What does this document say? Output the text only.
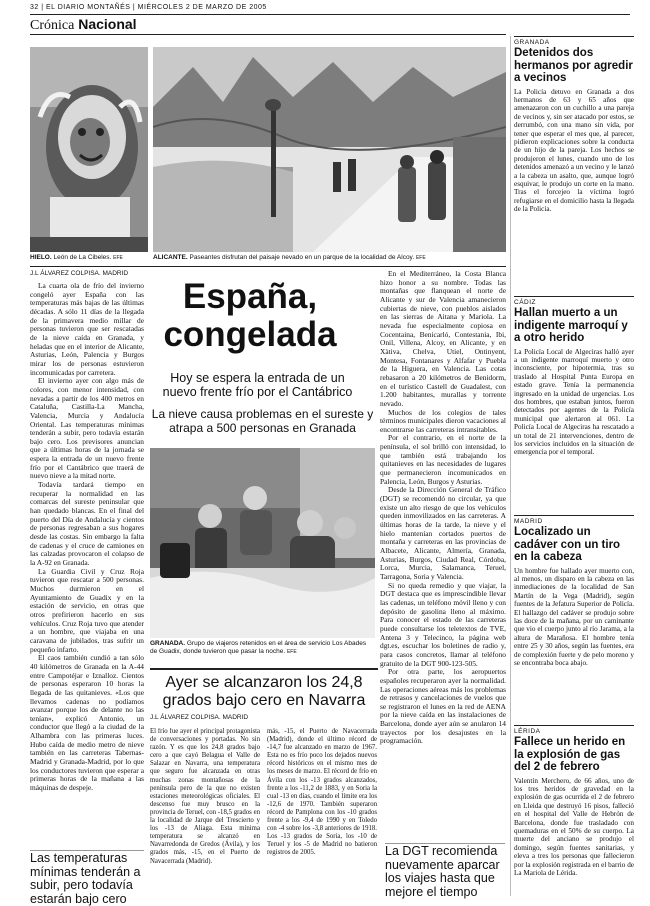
32 | EL DIARIO MONTAÑÉS | MIÉRCOLES 2 DE MARZO DE 2005
Crónica Nacional
HIELO. León de La Cibeles. EFE	ALICANTE. Paseantes disfrutan del paisaje nevado en un parque de la localidad de Alcoy. EFE
J.L ÁLVAREZ COLPISA. MADRID
España,
congelada
Hoy se espera la entrada de un nuevo frente frío por el Cantábrico
La nieve causa problemas en el sureste y atrapa a 500 personas en Granada
GRANADA. Grupo de viajeros retenidos en el área de servicio Los Abades de Guadix, donde tuvieron que pasar la noche. EFE

La cuarta ola de frío del invierno congeló ayer España con las temperaturas más bajas de las últimas décadas. A sólo 11 días de la llegada de la primavera medio millar de personas tuvieron que ser rescatadas de la nieve caída en Granada, y heladas que en el interior de Alicante, Asturias, León, Palencia y Burgos mirar los de personas estuvieron incomunicadas por carretera.

El invierno ayer con algo más de colores, con menor intensidad, con nevadas a partir de los 400 metros en Cataluña, Castilla-La Mancha, Valencia, Murcia y Andalucía Oriental. Las temperaturas mínimas tenderán a subir, pero todavía estarán bajo cero. Los previsores anuncian que a últimas horas de la jornada se espera la entrada de un nuevo frente frío por el Cantábrico que traerá de nuevo nieve a la mitad norte.

Todavía tardará tiempo en recuperar la normalidad en las comarcas del sureste peninsular que han quedado blancas. En el final del puerto del Día de Andalucía y cientos de personas regresaban a sus hogares desde las costas. Sin embargo la falta de cadenas y el cruce de camiones en las calzadas provocaron el colapso de la A-92 en Granada.

La Guardia Civil y Cruz Roja tuvieron que rescatar a 500 personas. Muchos durmieron en el Ayuntamiento de Guadix y en la estación de servicio, en otras que otros prefirieron hacerlo en sus vehículos. Cruz Roja tuvo que atender a un hombre, que viajaba en una caravana de jubilados, tras sufrir un pequeño infarto.

El caos también cundió a tan sólo 40 kilómetros de Granada en la A-44 entre Campotéjar e Iznalloz. Cientos de personas esperaron 10 horas la llegada de las quitanieves. «Los que llevamos cadenas no podíamos avanzar porque los de delante no las tenían», explicó Antonio, un conductor que llegó a la ciudad de la Alhambra con las primeras luces. Hubo caída de medio metro de nieve también en las carreteras Tabernas-Madrid y Granada-Madrid, por lo que los conductores tuvieron que esperar a primeras horas de la mañana a las máquinas de despeje.

Las temperaturas mínimas tenderán a subir, pero todavía estarán bajo cero

En el Mediterráneo, la Costa Blanca hizo honor a su nombre. Todas las montañas que flanquean el norte de Alicante y sur de Valencia amanecieron cubiertas de nieve, con pueblos aislados en las sierras de Aitana y Mariola. La nevada fue especialmente copiosa en Cocentaina, Benicarló, Contestania, Ibi, Onil, Villena, Alcoy, en Alicante, y en Xàtiva, Chelva, Utiel, Ontinyent, Montesa, Fontanares y Alfafar y Puebla de la Higuera, en Valencia. Las cotas rebasaron a 20 kilómetros de Benidorm, en el turístico Castell de Guadalest, con 1.200 habitantes, murallas y torrente nevado.

Muchos de los colegios de tales términos municipales dieron vacaciones al encontrarse las carreteras intransitables.

Por el contrario, en el norte de la península, el sol brilló con intensidad, lo que también está trabajando los quitanieves en las necesidades de lugares que permanecieron incomunicados en Palencia, León, Burgos y Asturias.

Desde la Dirección General de Tráfico (DGT) se recomendó no circular, ya que existe un alto riesgo de que los vehículos queden inmovilizados en las carreteras. A últimas horas de la tarde, la nieve y el hielo mantenían cortados puertos de montaña y carreteras en las provincias de Albacete, Alicante, Almería, Granada, Asturias, Burgos, Ciudad Real, Córdoba, Lorca, Murcia, Salamanca, Teruel, Tarragona, Soria y Valencia.

Si no queda remedio y que viajar, la DGT destaca que es imprescindible llevar las cadenas, un teléfono móvil lleno y con depósito de gasolina lleno al máximo. Para conocer el estado de las carreteras puede consultarse los teletextos de TVE, Antena 3 y Telecinco, la página web dgt.es, escuchar los boletines de radio y, para casos concretos, llamar al teléfono gratuito de la DGT 900-123-505.

Por otra parte, los aeropuertos españoles recuperaron ayer la normalidad. Las operaciones aéreas más los problemas de retrasos y cancelaciones de vuelos que se registraron el lunes en la red de AENA por la nieve caída en las instalaciones de Barcelona, donde ayer aún se anularon 14 trayectos por los desajustes en la programación.

La DGT recomienda nuevamente aparcar los viajes hasta que mejore el tiempo
Ayer se alcanzaron los 24,8 grados bajo cero en Navarra
J.L ÁLVAREZ COLPISA. MADRID
El frío fue ayer el principal protagonista de conversaciones y portadas. No sin razón. Y es que los 24,8 grados bajo cero a que cayó Belagua el Valle de Salazar en Navarra, una temperatura que seguro fue alcanzada en otras muchas zonas montañosas de la península pero de la que no existen estaciones meteorológicas oficiales. El descenso fue muy brusco en la provincia de Teruel, con -18,5 grados en la localidad de Jarque del Trescierto y los -13 de Aliaga. Esta mínima temperatura se alcanzó en Navarredonda de Gredos (Ávila), y los grados más, -15, en el Puerto de Navacerrada (Madrid).
más, -15, el Puerto de Navacerrada (Madrid), donde el último récord de -14,7 fue alcanzado en marzo de 1967. Esta no es frío poco los dejados nuevos récord históricos en el mismo mes de los meses de marzo. El récord de frío en Ávila con los -13 grados alcanzados, frente a los -11,2 de 1883, y en Soria la cual -13 en días, cuando el límite era los -12,6 de 1970. También superaron récord de Pamplona con los -10 grados frente a los -9,4 de 1990 y en Toledo con -4 sobre los -3,8 anteriores de 1918. Los -13 grados de Soria, los -10 de Teruel y los -5 de Madrid no batieron registros de 2005.
GRANADA
Detenidos dos hermanos por agredir a vecinos
La Policía detuvo en Granada a dos hermanos de 63 y 65 años que amenazaron con un cuchillo a una pareja de vecinos y, sin ser atacado por estos, se derrumbó, con una mano sin vida, por tener que esperar el mes que, al parecer, pidieron explicaciones sobre la conducta de un hijo de la pareja. Los hechos se produjeron el lunes, cuando uno de los detenidos amenazó a un vecino y le lanzó a la cabeza un asalto, que, aunque logró esquivar, le produjo un corte en la mano. Tras el forcejeo la víctima logró refugiarse en el domicilio hasta la llegada de la Policía.
CÁDIZ
Hallan muerto a un indigente marroquí y a otro herido
La Policía Local de Algeciras halló ayer a un indigente marroquí muerto y otro inconsciente, por hipotermia, tras su traslado al Hospital Punta Europa en estado grave. Tenía la permanencia ingresado en la unidad de urgencias. Los dos hombres, que estaban juntos, fueron detectados por agentes de la Policía municipal que alertaron al 061. La Policía Local de Algeciras ha rescatado a un total de 21 intervenciones, dentro de los servicios incluidos en la situación de emergencia por el temporal.
MADRID
Localizado un cadáver con un tiro en la cabeza
Un hombre fue hallado ayer muerto con, al menos, un disparo en la cabeza en las inmediaciones de la localidad de San Martín de la Vega (Madrid), según fuentes de la Jefatura Superior de Policía. El hallazgo del cadáver se produjo sobre las doce de la mañana, por un caminante que vio el cuerpo junto al río Jarama, a la altura de Marañosa. El hombre tenía entre 25 y 30 años, según las fuentes, era de complexión fuerte y de pelo moreno y se encontraba boca abajo.
LÉRIDA
Fallece un herido en la explosión de gas del 2 de febrero
Valentín Merchero, de 66 años, uno de los tres heridos de gravedad en la explosión de gas ocurrida el 2 de febrero en Lleida que destruyó 16 pisos, falleció en el hospital del Valle de Hebrón de Barcelona, donde fue trasladado con quemaduras en el 50% de su cuerpo. La muerte del anciano se produjo el domingo, según fuentes sanitarias, y eleva a tres los personas que fallecieron por la explosión registrada en el barrio de La Mariola de Lérida.
